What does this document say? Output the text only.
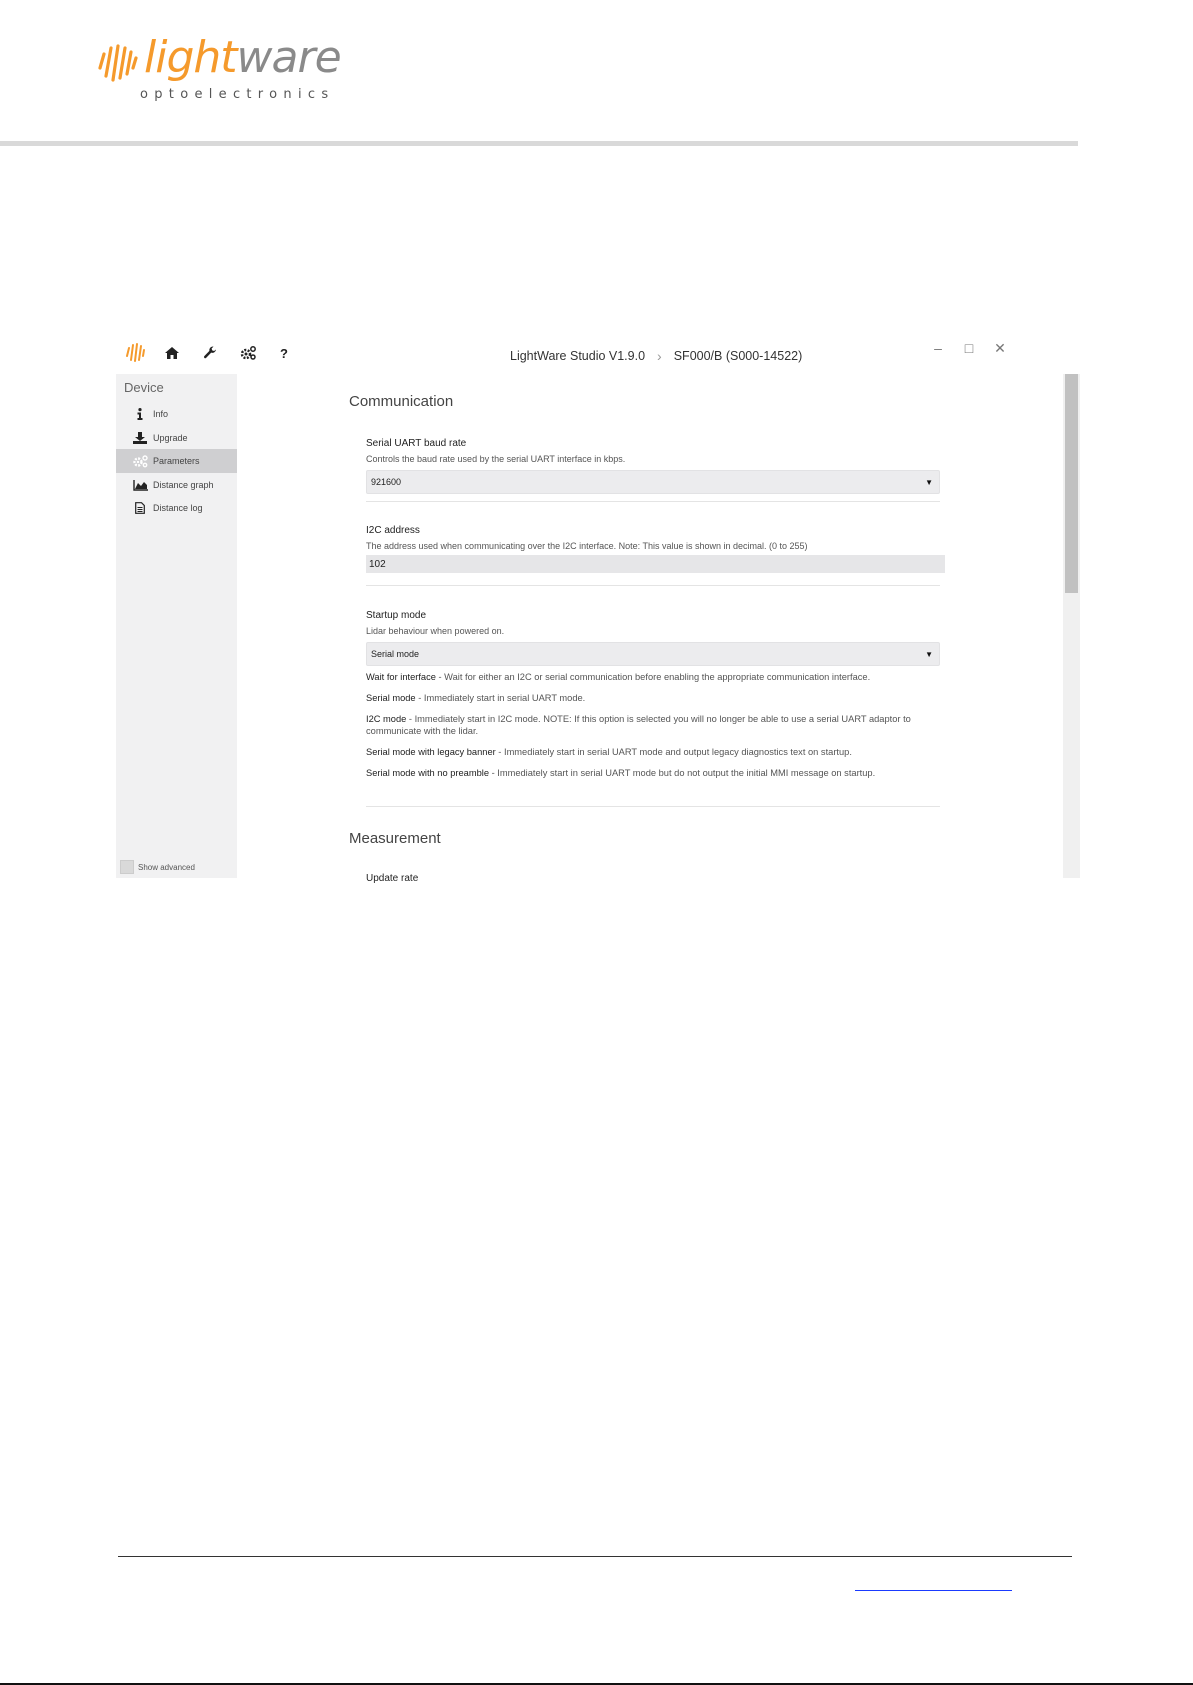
lightware
optoelectronics
?	LightWare Studio V1.9.0 › SF000/B (S000-14522)	–	□	✕
Device
Info
Upgrade
Parameters
Distance graph
Distance log
Show advanced
Communication
Serial UART baud rate
Controls the baud rate used by the serial UART interface in kbps.
921600	▼
I2C address
The address used when communicating over the I2C interface. Note: This value is shown in decimal. (0 to 255)
102
Startup mode
Lidar behaviour when powered on.
Serial mode	▼
Wait for interface - Wait for either an I2C or serial communication before enabling the appropriate communication interface.
Serial mode - Immediately start in serial UART mode.
I2C mode - Immediately start in I2C mode. NOTE: If this option is selected you will no longer be able to use a serial UART adaptor to communicate with the lidar.
Serial mode with legacy banner - Immediately start in serial UART mode and output legacy diagnostics text on startup.
Serial mode with no preamble - Immediately start in serial UART mode but do not output the initial MMI message on startup.
Measurement
Update rate
